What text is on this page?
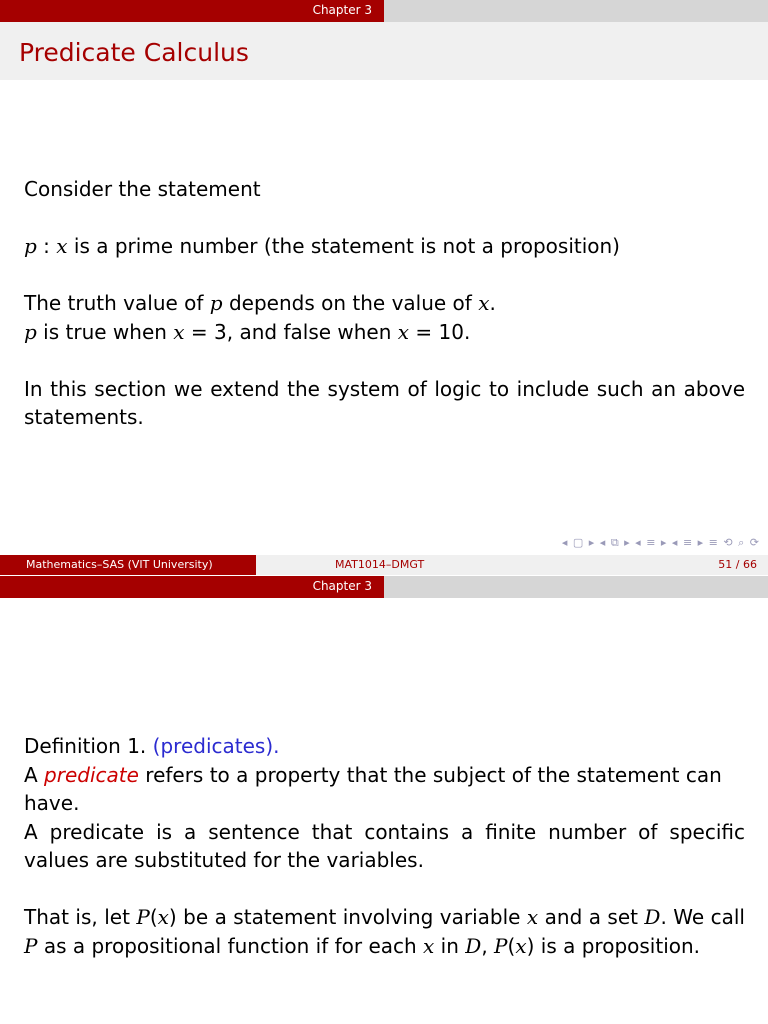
Chapter 3
Predicate Calculus

Consider the statement

p : x is a prime number (the statement is not a proposition)

The truth value of p depends on the value of x.

p is true when x = 3, and false when x = 10.

In this section we extend the system of logic to include such an above statements.

◂ ▢ ▸ ◂ ⧉ ▸ ◂ ≡ ▸ ◂ ≡ ▸ ≡ ⟲ ⌕ ⟳
Mathematics–SAS (VIT University)	MAT1014–DMGT	51 / 66
Chapter 3

Definition 1. (predicates).

A predicate refers to a property that the subject of the statement can have.

A predicate is a sentence that contains a finite number of specific values are substituted for the variables.

That is, let P(x) be a statement involving variable x and a set D. We call P as a propositional function if for each x in D, P(x) is a proposition.
